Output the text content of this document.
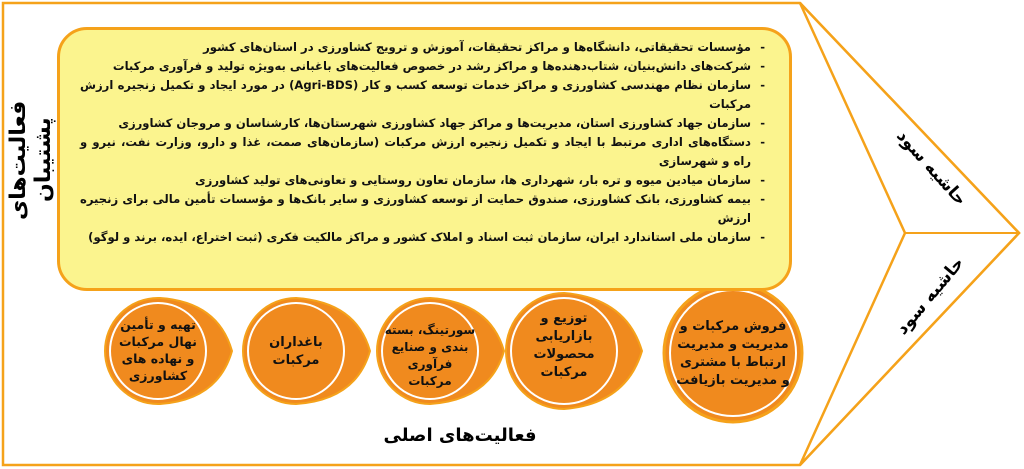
فعالیت‌های پشتیبان
- مؤسسات تحقیقاتی، دانشگاه‌ها و مراکز تحقیقات، آموزش و ترویج کشاورزی در استان‌های کشور
- شرکت‌های دانش‌بنیان، شتاب‌دهنده‌ها و مراکز رشد در خصوص فعالیت‌های باغبانی به‌ویژه تولید و فرآوری مرکبات
- سازمان نظام مهندسی کشاورزی و مراکز خدمات توسعه کسب و کار (Agri-BDS) در مورد ایجاد و تکمیل زنجیره ارزش مرکبات
- سازمان جهاد کشاورزی استان، مدیریت‌ها و مراکز جهاد کشاورزی شهرستان‌ها، کارشناسان و مروجان کشاورزی
- دستگاه‌های اداری مرتبط با ایجاد و تکمیل زنجیره ارزش مرکبات (سازمان‌های صمت، غذا و دارو، وزارت نفت، نیرو و راه و شهرسازی
- سازمان میادین میوه و تره بار، شهرداری ها، سازمان تعاون روستایی و تعاونی‌های تولید کشاورزی
- بیمه کشاورزی، بانک کشاورزی، صندوق حمایت از توسعه کشاورزی و سایر بانک‌ها و مؤسسات تأمین مالی برای زنجیره ارزش
- سازمان ملی استاندارد ایران، سازمان ثبت اسناد و املاک کشور و مراکز مالکیت فکری (ثبت اختراع، ایده، برند و لوگو)
تهیه و تأمین نهال مرکبات و نهاده های کشاورزی
باغداران مرکبات
سورتینگ، بسته بندی و صنایع فرآوری مرکبات
توزیع و بازاریابی محصولات مرکبات
فروش مرکبات و مدیریت و مدیریت ارتباط با مشتری و مدیریت بازیافت
فعالیت‌های اصلی
حاشیه سود
حاشیه سود
